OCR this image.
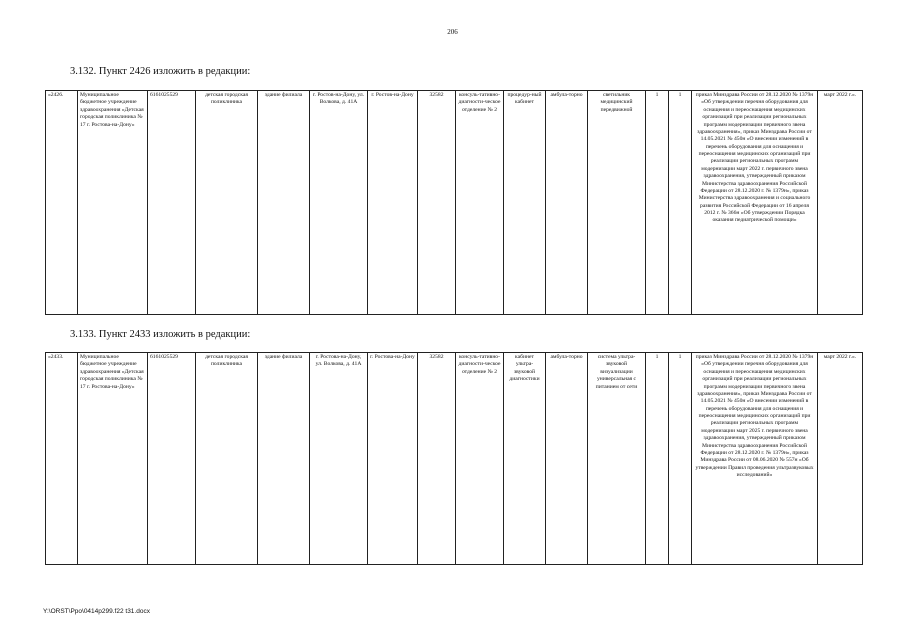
206
3.132. Пункт 2426 изложить в редакции:
«2426.	Муниципальное бюджетное учреждение здравоохранения «Детская городская поликлиника № 17 г. Ростова-на-Дону»	6161025529	детская городская поликлиника	здание филиала	г. Ростов-на-Дону, ул. Волкова, д. 41А	г. Ростов-на-Дону	32582	консуль-тативно-диагности-ческое отделение № 2	процедур-ный кабинет	амбула-торно	светильник медицинский передвижной	1	1	приказ Минздрава России от 28.12.2020 № 1379н «Об утверждении перечня оборудования для оснащения и переоснащения медицинских организаций при реализации региональных программ модернизации первичного звена здравоохранения», приказ Минздрава России от 14.05.2021 № 450н «О внесении изменений в перечень оборудования для оснащения и переоснащения медицинских организаций при реализации региональных программ модернизации март 2022 г. первичного звена здравоохранения, утвержденный приказом Министерства здравоохранения Российской Федерации от 28.12.2020 г. № 1379н», приказ Министерства здравоохранения и социального развития Российской Федерации от 16 апреля 2012 г. № 366н «Об утверждении Порядка оказания педиатрической помощи»	март 2022 г.».
3.133. Пункт 2433 изложить в редакции:
«2433.	Муниципальное бюджетное учреждение здравоохранения «Детская городская поликлиника № 17 г. Ростова-на-Дону»	6161025529	детская городская поликлиника	здание филиала	г. Ростова-на-Дону, ул. Волкова, д. 41А	г. Ростова-на-Дону	32582	консуль-тативно-диагности-ческое отделение № 2	кабинет ультра-звуковой диагностики	амбула-торно	система ультра-звуковой визуализации универсальная с питанием от сети	1	1	приказ Минздрава России от 28.12.2020 № 1379н «Об утверждении перечня оборудования для оснащения и переоснащения медицинских организаций при реализации региональных программ модернизации первичного звена здравоохранения», приказ Минздрава России от 14.05.2021 № 450н «О внесении изменений в перечень оборудования для оснащения и переоснащения медицинских организаций при реализации региональных программ модернизации март 2025 г. первичного звена здравоохранения, утвержденный приказом Министерства здравоохранения Российской Федерации от 28.12.2020 г. № 1379н», приказ Минздрава России от 08.06.2020 № 557н «Об утверждении Правил проведения ультразвуковых исследований»	март 2022 г.».
Y:\ORST\Ppo\0414p299.f22 t31.docx
